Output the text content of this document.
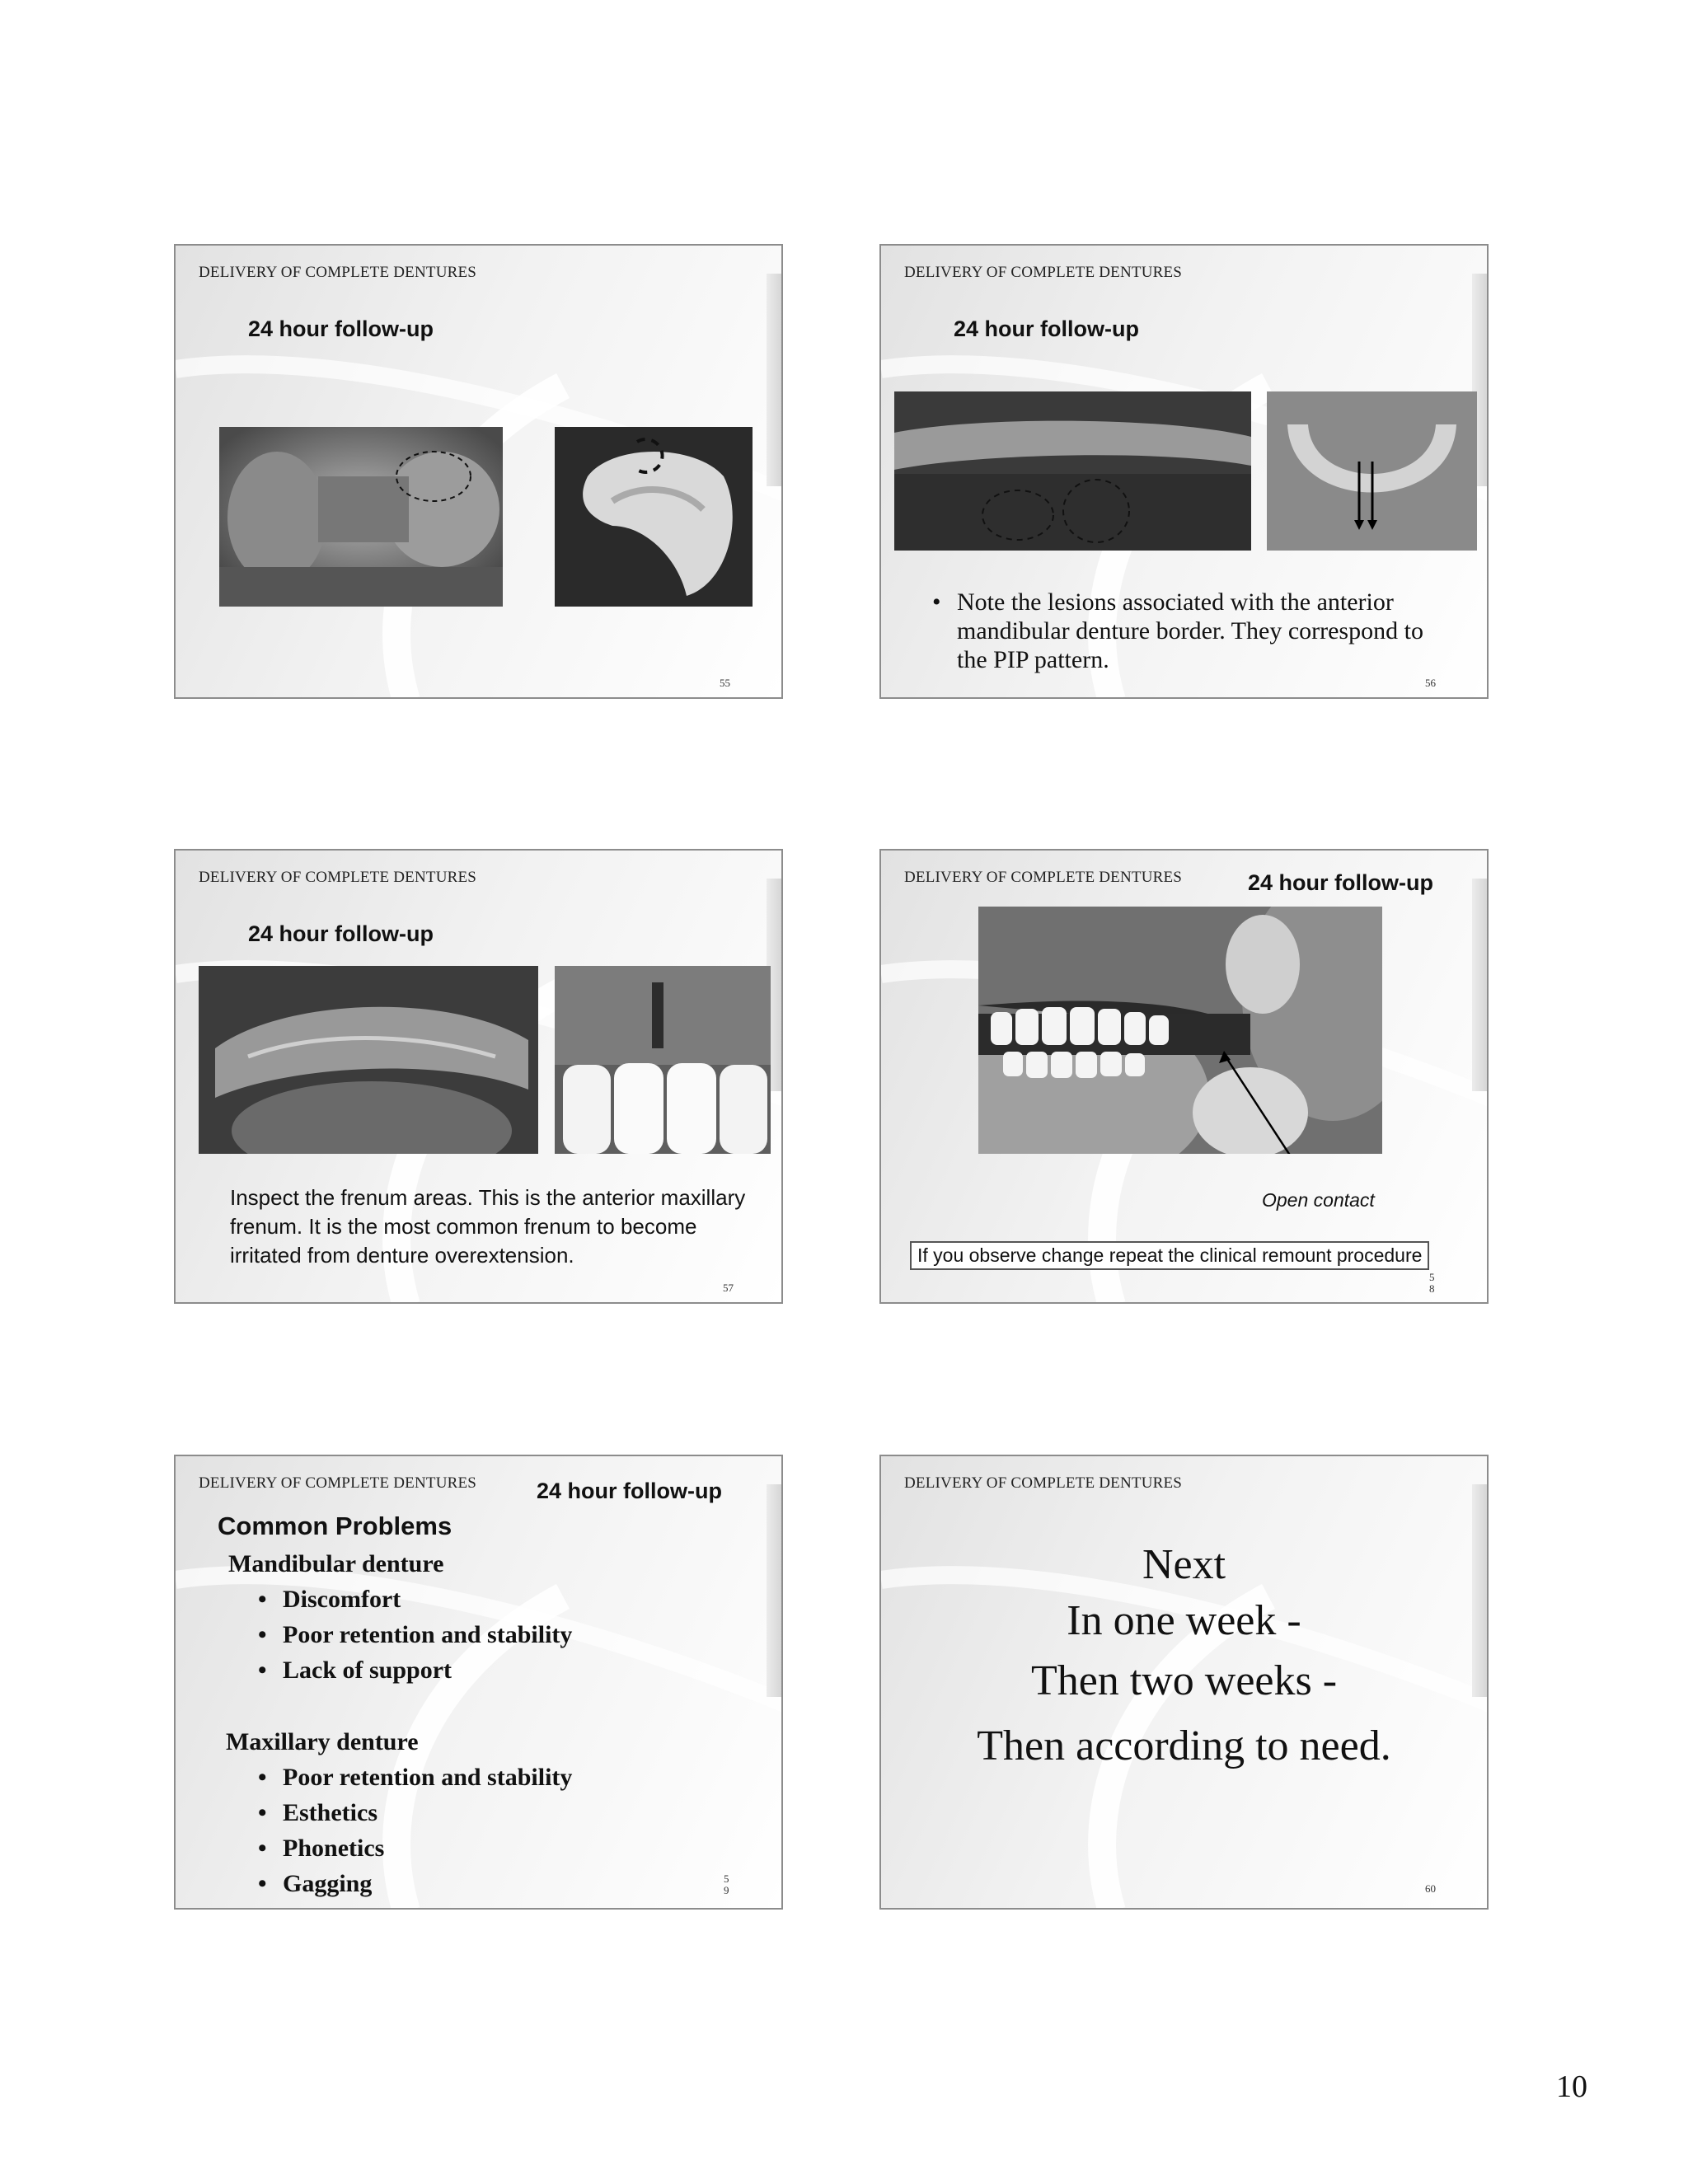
DELIVERY OF COMPLETE DENTURES
24 hour follow-up
55
DELIVERY OF COMPLETE DENTURES
24 hour follow-up
• Note the lesions associated with the anterior mandibular denture border. They correspond to the PIP pattern.
56
DELIVERY OF COMPLETE DENTURES
24 hour follow-up
Inspect the frenum areas. This is the anterior maxillary frenum. It is the most common frenum to become irritated from denture overextension.
57
DELIVERY OF COMPLETE DENTURES	24 hour follow-up
Open contact
If you observe change repeat the clinical remount procedure
5
8
DELIVERY OF COMPLETE DENTURES	24 hour follow-up
Common Problems
Mandibular denture
• Discomfort
• Poor retention and stability
• Lack of support
Maxillary denture
• Poor retention and stability
• Esthetics
• Phonetics
• Gagging	5
9
DELIVERY OF COMPLETE DENTURES
Next
In one week -
Then two weeks -
Then according to need.
60
10
